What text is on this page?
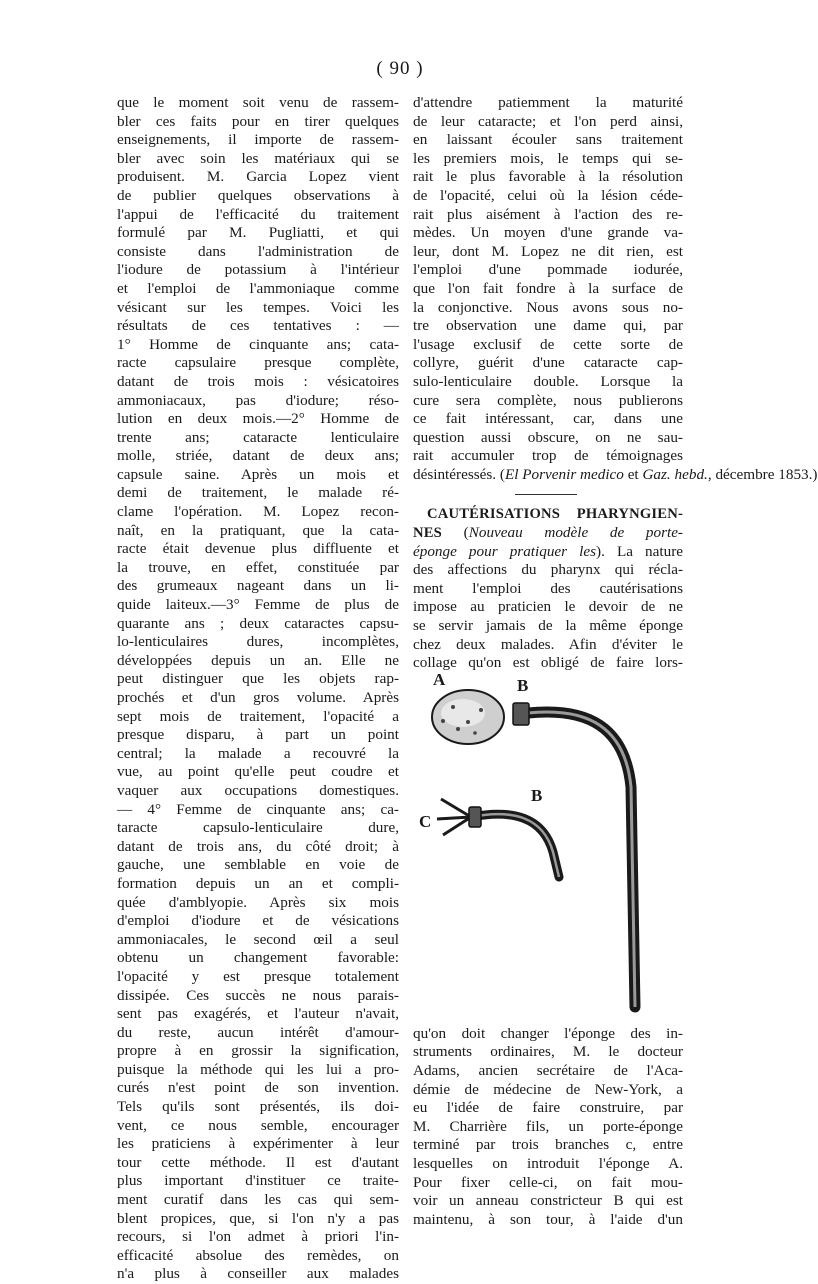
( 90 )
que le moment soit venu de rassem-
bler ces faits pour en tirer quelques
enseignements, il importe de rassem-
bler avec soin les matériaux qui se
produisent. M. Garcia Lopez vient
de publier quelques observations à
l'appui de l'efficacité du traitement
formulé par M. Pugliatti, et qui
consiste dans l'administration de
l'iodure de potassium à l'intérieur
et l'emploi de l'ammoniaque comme
vésicant sur les tempes. Voici les
résultats de ces tentatives : —
1° Homme de cinquante ans; cata-
racte capsulaire presque complète,
datant de trois mois : vésicatoires
ammoniacaux, pas d'iodure; réso-
lution en deux mois.—2° Homme de
trente ans; cataracte lenticulaire
molle, striée, datant de deux ans;
capsule saine. Après un mois et
demi de traitement, le malade ré-
clame l'opération. M. Lopez recon-
naît, en la pratiquant, que la cata-
racte était devenue plus diffluente et
la trouve, en effet, constituée par
des grumeaux nageant dans un li-
quide laiteux.—3° Femme de plus de
quarante ans ; deux cataractes capsu-
lo-lenticulaires dures, incomplètes,
développées depuis un an. Elle ne
peut distinguer que les objets rap-
prochés et d'un gros volume. Après
sept mois de traitement, l'opacité a
presque disparu, à part un point
central; la malade a recouvré la
vue, au point qu'elle peut coudre et
vaquer aux occupations domestiques.
— 4° Femme de cinquante ans; ca-
taracte capsulo-lenticulaire dure,
datant de trois ans, du côté droit; à
gauche, une semblable en voie de
formation depuis un an et compli-
quée d'amblyopie. Après six mois
d'emploi d'iodure et de vésications
ammoniacales, le second œil a seul
obtenu un changement favorable:
l'opacité y est presque totalement
dissipée. Ces succès ne nous parais-
sent pas exagérés, et l'auteur n'avait,
du reste, aucun intérêt d'amour-
propre à en grossir la signification,
puisque la méthode qui les lui a pro-
curés n'est point de son invention.
Tels qu'ils sont présentés, ils doi-
vent, ce nous semble, encourager
les praticiens à expérimenter à leur
tour cette méthode. Il est d'autant
plus important d'instituer ce traite-
ment curatif dans les cas qui sem-
blent propices, que, si l'on n'y a pas
recours, si l'on admet à priori l'in-
efficacité absolue des remèdes, on
n'a plus à conseiller aux malades
d'attendre patiemment la maturité
de leur cataracte; et l'on perd ainsi,
en laissant écouler sans traitement
les premiers mois, le temps qui se-
rait le plus favorable à la résolution
de l'opacité, celui où la lésion céde-
rait plus aisément à l'action des re-
mèdes. Un moyen d'une grande va-
leur, dont M. Lopez ne dit rien, est
l'emploi d'une pommade iodurée,
que l'on fait fondre à la surface de
la conjonctive. Nous avons sous no-
tre observation une dame qui, par
l'usage exclusif de cette sorte de
collyre, guérit d'une cataracte cap-
sulo-lenticulaire double. Lorsque la
cure sera complète, nous publierons
ce fait intéressant, car, dans une
question aussi obscure, on ne sau-
rait accumuler trop de témoignages
désintéressés. (El Porvenir medico et Gaz. hebd., décembre 1853.)
CAUTÉRISATIONS PHARYNGIEN-
NES (Nouveau modèle de porte-
éponge pour pratiquer les). La nature
des affections du pharynx qui récla-
ment l'emploi des cautérisations
impose au praticien le devoir de ne
se servir jamais de la même éponge
chez deux malades. Afin d'éviter le
collage qu'on est obligé de faire lors-
A	B
B
C
qu'on doit changer l'éponge des in-
struments ordinaires, M. le docteur
Adams, ancien secrétaire de l'Aca-
démie de médecine de New-York, a
eu l'idée de faire construire, par
M. Charrière fils, un porte-éponge
terminé par trois branches c, entre
lesquelles on introduit l'éponge A.
Pour fixer celle-ci, on fait mou-
voir un anneau constricteur B qui est
maintenu, à son tour, à l'aide d'un
